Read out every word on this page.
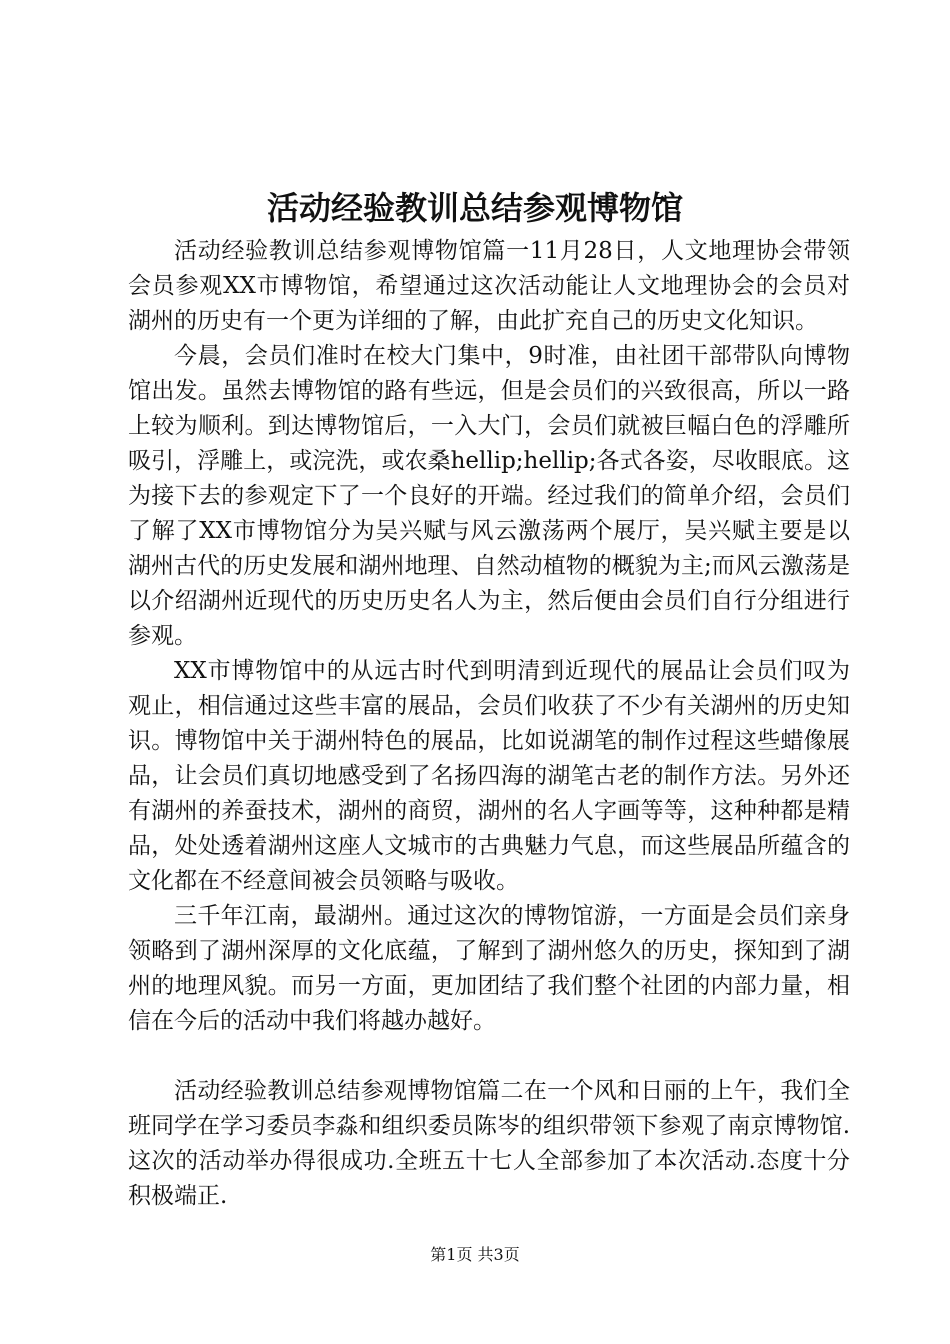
活动经验教训总结参观博物馆

活动经验教训总结参观博物馆篇一11月28日，人文地理协会带领会员参观XX市博物馆，希望通过这次活动能让人文地理协会的会员对湖州的历史有一个更为详细的了解，由此扩充自己的历史文化知识。

今晨，会员们准时在校大门集中，9时准，由社团干部带队向博物馆出发。虽然去博物馆的路有些远，但是会员们的兴致很高，所以一路上较为顺利。到达博物馆后，一入大门，会员们就被巨幅白色的浮雕所吸引，浮雕上，或浣洗，或农桑hellip;hellip;各式各姿，尽收眼底。这为接下去的参观定下了一个良好的开端。经过我们的简单介绍，会员们了解了XX市博物馆分为吴兴赋与风云激荡两个展厅，吴兴赋主要是以湖州古代的历史发展和湖州地理、自然动植物的概貌为主;而风云激荡是以介绍湖州近现代的历史历史名人为主，然后便由会员们自行分组进行参观。

XX市博物馆中的从远古时代到明清到近现代的展品让会员们叹为观止，相信通过这些丰富的展品，会员们收获了不少有关湖州的历史知识。博物馆中关于湖州特色的展品，比如说湖笔的制作过程这些蜡像展品，让会员们真切地感受到了名扬四海的湖笔古老的制作方法。另外还有湖州的养蚕技术，湖州的商贸，湖州的名人字画等等，这种种都是精品，处处透着湖州这座人文城市的古典魅力气息，而这些展品所蕴含的文化都在不经意间被会员领略与吸收。

三千年江南，最湖州。通过这次的博物馆游，一方面是会员们亲身领略到了湖州深厚的文化底蕴，了解到了湖州悠久的历史，探知到了湖州的地理风貌。而另一方面，更加团结了我们整个社团的内部力量，相信在今后的活动中我们将越办越好。

活动经验教训总结参观博物馆篇二在一个风和日丽的上午，我们全班同学在学习委员李淼和组织委员陈岑的组织带领下参观了南京博物馆.这次的活动举办得很成功.全班五十七人全部参加了本次活动.态度十分积极端正.

第1页 共3页
